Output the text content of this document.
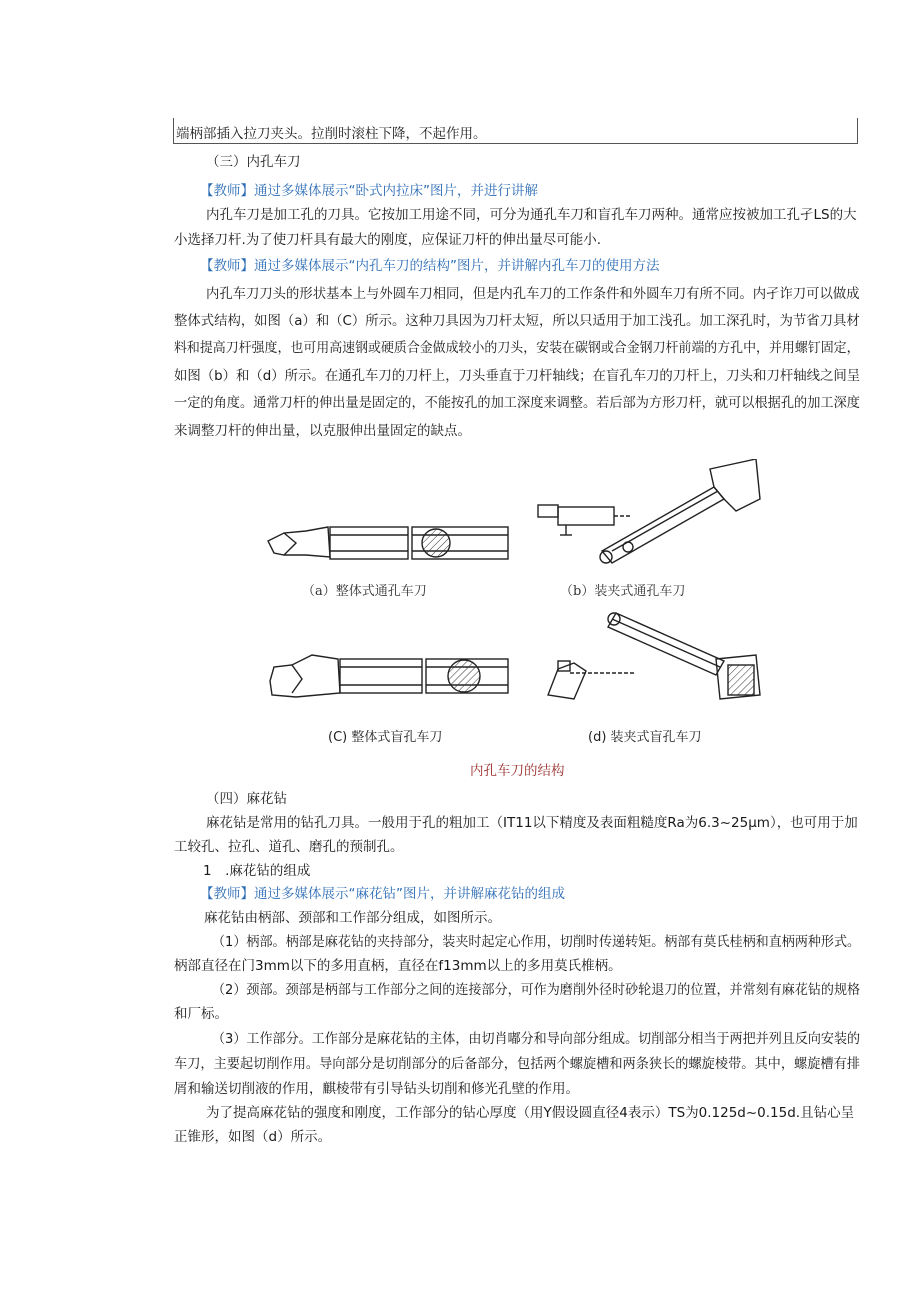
端柄部插入拉刀夹头。拉削时滚柱下降，不起作用。
（三）内孔车刀
【教师】通过多媒体展示“卧式内拉床”图片，并进行讲解
内孔车刀是加工孔的刀具。它按加工用途不同，可分为通孔车刀和盲孔车刀两种。通常应按被加工孔孑LS的大
小选择刀杆.为了使刀杆具有最大的刚度，应保证刀杆的伸出量尽可能小.
【教师】通过多媒体展示“内孔车刀的结构”图片，并讲解内孔车刀的使用方法
内孔车刀刀头的形状基本上与外圆车刀相同，但是内孔车刀的工作条件和外圆车刀有所不同。内孑诈刀可以做成
整体式结构，如图（a）和（C）所示。这种刀具因为刀杆太短，所以只适用于加工浅孔。加工深孔时，为节省刀具材
料和提高刀杆强度，也可用高速钢或硬质合金做成较小的刀头，安装在碳钢或合金钢刀杆前端的方孔中，并用螺钉固定，
如图（b）和（d）所示。在通孔车刀的刀杆上，刀头垂直于刀杆轴线；在盲孔车刀的刀杆上，刀头和刀杆轴线之间呈
一定的角度。通常刀杆的伸出量是固定的，不能按孔的加工深度来调整。若后部为方形刀杆，就可以根据孔的加工深度
来调整刀杆的伸出量，以克服伸出量固定的缺点。
（a）整体式通孔车刀	（b）装夹式通孔车刀
(C) 整体式盲孔车刀	(d) 装夹式盲孔车刀
内孔车刀的结构
（四）麻花钻
麻花钻是常用的钻孔刀具。一般用于孔的粗加工（IT11以下精度及表面粗糙度Ra为6.3~25μm），也可用于加
工较孔、拉孔、道孔、磨孔的预制孔。
1　.麻花钻的组成
【教师】通过多媒体展示“麻花钻”图片，并讲解麻花钻的组成
麻花钻由柄部、颈部和工作部分组成，如图所示。
（1）柄部。柄部是麻花钻的夹持部分，装夹时起定心作用，切削时传递转矩。柄部有莫氏桂柄和直柄两种形式。
柄部直径在门3mm以下的多用直柄，直径在f13mm以上的多用莫氏椎柄。
（2）颈部。颈部是柄部与工作部分之间的连接部分，可作为磨削外径时砂轮退刀的位置，并常刻有麻花钻的规格
和厂标。
（3）工作部分。工作部分是麻花钻的主体，由切肖嘟分和导向部分组成。切削部分相当于两把并列且反向安装的
车刀，主要起切削作用。导向部分是切削部分的后备部分，包括两个螺旋槽和两条狭长的螺旋棱带。其中，螺旋槽有排
屑和输送切削液的作用，麒棱带有引导钻头切削和修光孔壁的作用。
为了提高麻花钻的强度和刚度，工作部分的钻心厚度（用Y假设圆直径4表示）TS为0.125d~0.15d.且钻心呈
正锥形，如图（d）所示。
